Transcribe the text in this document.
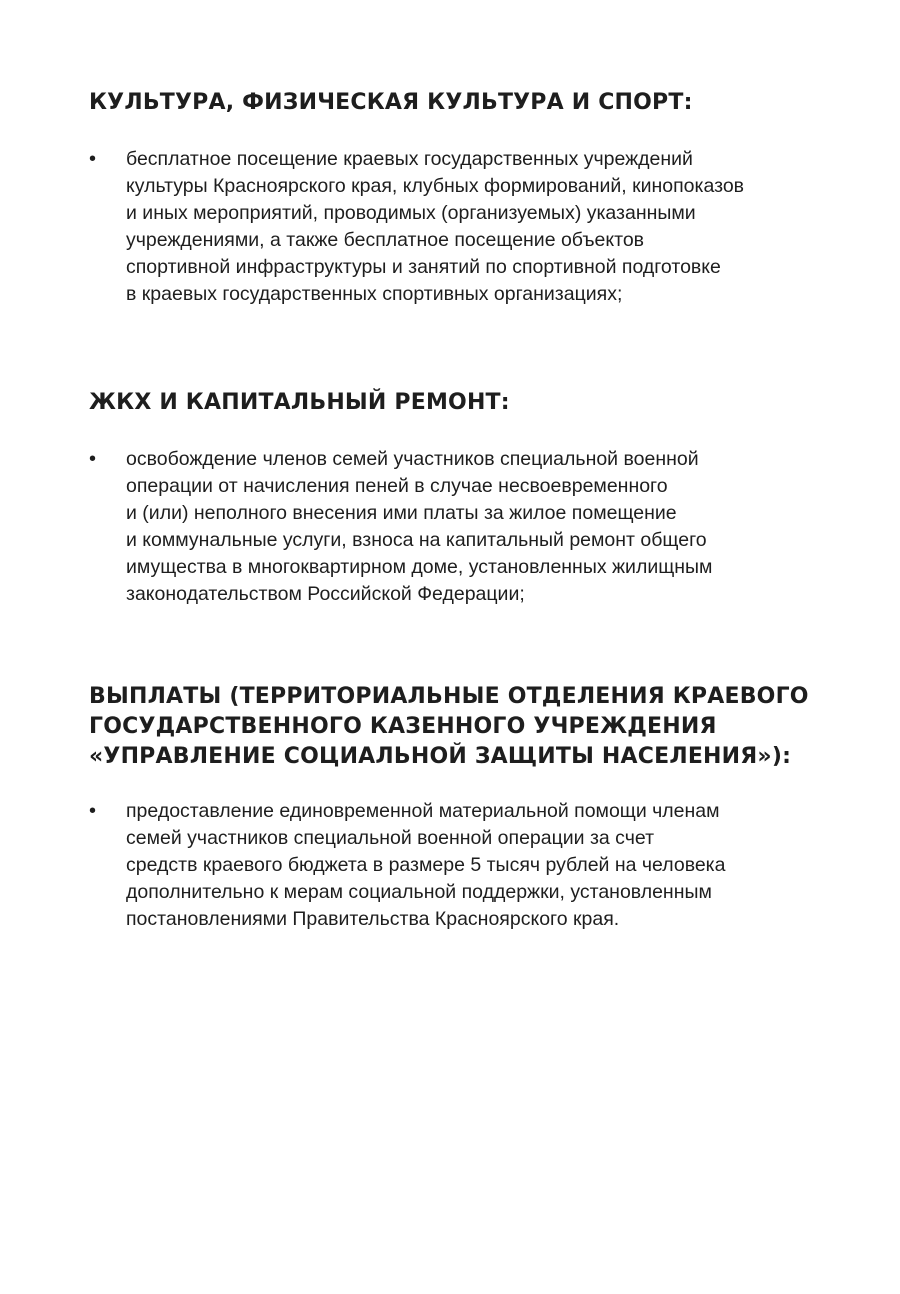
КУЛЬТУРА, ФИЗИЧЕСКАЯ КУЛЬТУРА И СПОРТ:
•	бесплатное посещение краевых государственных учреждений
культуры Красноярского края, клубных формирований, кинопоказов
и иных мероприятий, проводимых (организуемых) указанными
учреждениями, а также бесплатное посещение объектов
спортивной инфраструктуры и занятий по спортивной подготовке
в краевых государственных спортивных организациях;

ЖКХ И КАПИТАЛЬНЫЙ РЕМОНТ:
•	освобождение членов семей участников специальной военной
операции от начисления пеней в случае несвоевременного
и (или) неполного внесения ими платы за жилое помещение
и коммунальные услуги, взноса на капитальный ремонт общего
имущества в многоквартирном доме, установленных жилищным
законодательством Российской Федерации;

ВЫПЛАТЫ (ТЕРРИТОРИАЛЬНЫЕ ОТДЕЛЕНИЯ КРАЕВОГО
ГОСУДАРСТВЕННОГО КАЗЕННОГО УЧРЕЖДЕНИЯ
«УПРАВЛЕНИЕ СОЦИАЛЬНОЙ ЗАЩИТЫ НАСЕЛЕНИЯ»):
•	предоставление единовременной материальной помощи членам
семей участников специальной военной операции за счет
средств краевого бюджета в размере 5 тысяч рублей на человека
дополнительно к мерам социальной поддержки, установленным
постановлениями Правительства Красноярского края.
